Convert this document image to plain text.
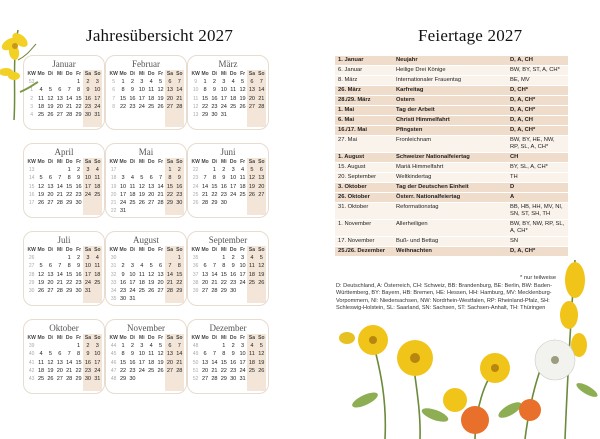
Jahresübersicht 2027
Januar
KW	Mo	Di	Mi	Do	Fr	Sa	So
53					1	2	3
1	4	5	6	7	8	9	10
2	11	12	13	14	15	16	17
3	18	19	20	21	22	23	24
4	25	26	27	28	29	30	31

Februar
KW	Mo	Di	Mi	Do	Fr	Sa	So
5	1	2	3	4	5	6	7
6	8	9	10	11	12	13	14
7	15	16	17	18	19	20	21
8	22	23	24	25	26	27	28

März
KW	Mo	Di	Mi	Do	Fr	Sa	So
9	1	2	3	4	5	6	7
10	8	9	10	11	12	13	14
11	15	16	17	18	19	20	21
12	22	23	24	25	26	27	28
13	29	30	31				

April
KW	Mo	Di	Mi	Do	Fr	Sa	So
13				1	2	3	4
14	5	6	7	8	9	10	11
15	12	13	14	15	16	17	18
16	19	20	21	22	23	24	25
17	26	27	28	29	30		

Mai
KW	Mo	Di	Mi	Do	Fr	Sa	So
17						1	2
18	3	4	5	6	7	8	9
19	10	11	12	13	14	15	16
20	17	18	19	20	21	22	23
21	24	25	26	27	28	29	30
22	31						
Juni
KW	Mo	Di	Mi	Do	Fr	Sa	So
22		1	2	3	4	5	6
23	7	8	9	10	11	12	13
24	14	15	16	17	18	19	20
25	21	22	23	24	25	26	27
26	28	29	30				

Juli
KW	Mo	Di	Mi	Do	Fr	Sa	So
26				1	2	3	4
27	5	6	7	8	9	10	11
28	12	13	14	15	16	17	18
29	19	20	21	22	23	24	25
30	26	27	28	29	30	31	

August
KW	Mo	Di	Mi	Do	Fr	Sa	So
30							1
31	2	3	4	5	6	7	8
32	9	10	11	12	13	14	15
33	16	17	18	19	20	21	22
34	23	24	25	26	27	28	29
35	30	31					
September
KW	Mo	Di	Mi	Do	Fr	Sa	So
35			1	2	3	4	5
36	6	7	8	9	10	11	12
37	13	14	15	16	17	18	19
38	20	21	22	23	24	25	26
39	27	28	29	30			

Oktober
KW	Mo	Di	Mi	Do	Fr	Sa	So
39					1	2	3
40	4	5	6	7	8	9	10
41	11	12	13	14	15	16	17
42	18	19	20	21	22	23	24
43	25	26	27	28	29	30	31

November
KW	Mo	Di	Mi	Do	Fr	Sa	So
44	1	2	3	4	5	6	7
45	8	9	10	11	12	13	14
46	15	16	17	18	19	20	21
47	22	23	24	25	26	27	28
48	29	30					

Dezember
KW	Mo	Di	Mi	Do	Fr	Sa	So
48			1	2	3	4	5
49	6	7	8	9	10	11	12
50	13	14	15	16	17	18	19
51	20	21	22	23	24	25	26
52	27	28	29	30	31		

Feiertage 2027
1. Januar	Neujahr	D, A, CH
6. Januar	Heilige Drei Könige	BW, BY, ST, A, CH*
8. März	Internationaler Frauentag	BE, MV
26. März	Karfreitag	D, CH*
28./29. März	Ostern	D, A, CH*
1. Mai	Tag der Arbeit	D, A, CH*
6. Mai	Christi Himmelfahrt	D, A, CH
16./17. Mai	Pfingsten	D, A, CH*
27. Mai	Fronleichnam	BW, BY, HE, NW, RP, SL, A, CH*
1. August	Schweizer Nationalfeiertag	CH
15. August	Mariä Himmelfahrt	BY, SL, A, CH*
20. September	Weltkindertag	TH
3. Oktober	Tag der Deutschen Einheit	D
26. Oktober	Österr. Nationalfeiertag	A
31. Oktober	Reformationstag	BB, HB, HH, MV, NI, SN, ST, SH, TH
1. November	Allerheiligen	BW, BY, NW, RP, SL, A, CH*
17. November	Buß- und Bettag	SN
25./26. Dezember	Weihnachten	D, A, CH*
* nur teilweise
D: Deutschland, A: Österreich, CH: Schweiz, BB: Brandenburg, BE: Berlin, BW: Baden-Württemberg, BY: Bayern, HB: Bremen, HE: Hessen, HH: Hamburg, MV: Mecklenburg-Vorpommern, NI: Niedersachsen, NW: Nordrhein-Westfalen, RP: Rheinland-Pfalz, SH: Schleswig-Holstein, SL: Saarland, SN: Sachsen, ST: Sachsen-Anhalt, TH: Thüringen
